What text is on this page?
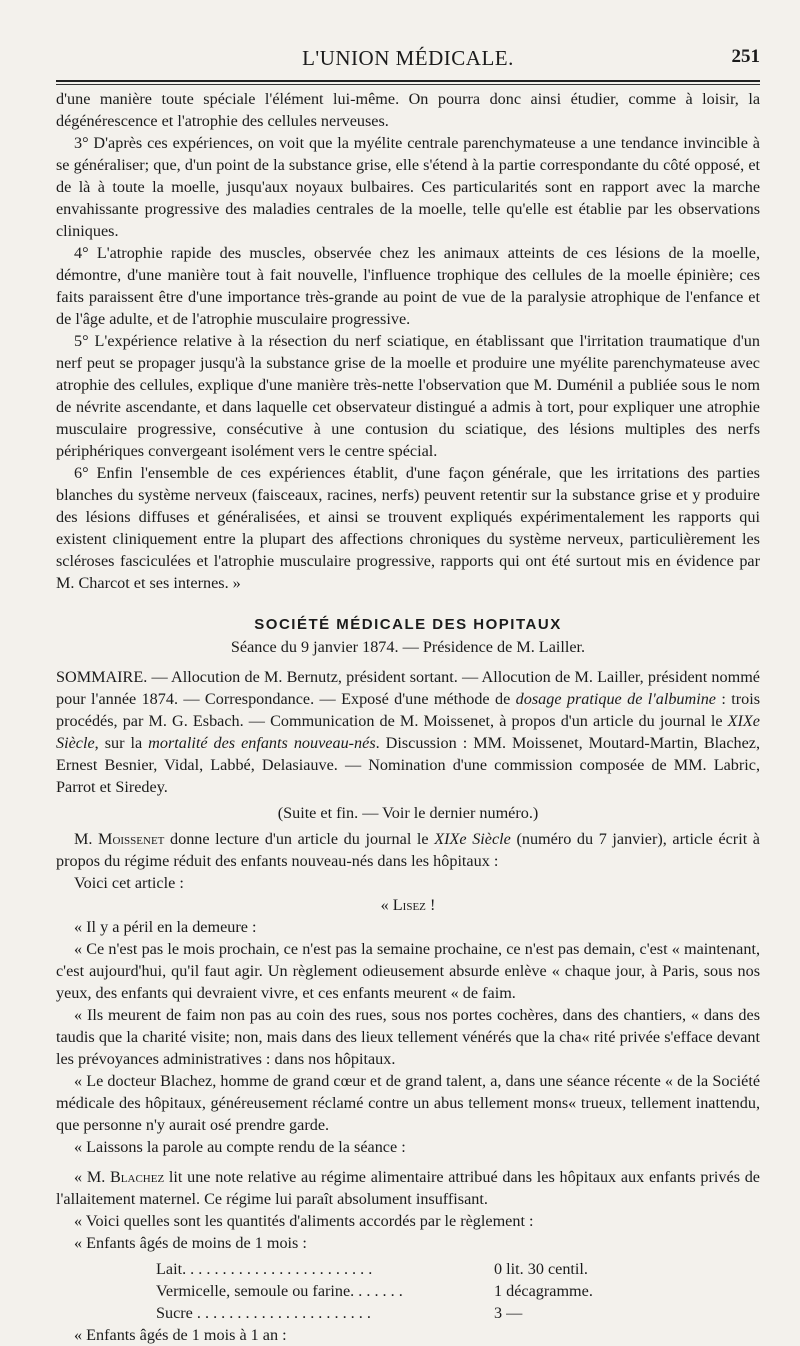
L'UNION MÉDICALE.	251

d'une manière toute spéciale l'élément lui-même. On pourra donc ainsi étudier, comme à loisir, la dégénérescence et l'atrophie des cellules nerveuses.

3° D'après ces expériences, on voit que la myélite centrale parenchymateuse a une tendance invincible à se généraliser; que, d'un point de la substance grise, elle s'étend à la partie correspondante du côté opposé, et de là à toute la moelle, jusqu'aux noyaux bulbaires. Ces particularités sont en rapport avec la marche envahissante progressive des maladies centrales de la moelle, telle qu'elle est établie par les observations cliniques.

4° L'atrophie rapide des muscles, observée chez les animaux atteints de ces lésions de la moelle, démontre, d'une manière tout à fait nouvelle, l'influence trophique des cellules de la moelle épinière; ces faits paraissent être d'une importance très-grande au point de vue de la paralysie atrophique de l'enfance et de l'âge adulte, et de l'atrophie musculaire progressive.

5° L'expérience relative à la résection du nerf sciatique, en établissant que l'irritation traumatique d'un nerf peut se propager jusqu'à la substance grise de la moelle et produire une myélite parenchymateuse avec atrophie des cellules, explique d'une manière très-nette l'observation que M. Duménil a publiée sous le nom de névrite ascendante, et dans laquelle cet observateur distingué a admis à tort, pour expliquer une atrophie musculaire progressive, consécutive à une contusion du sciatique, des lésions multiples des nerfs périphériques convergeant isolément vers le centre spécial.

6° Enfin l'ensemble de ces expériences établit, d'une façon générale, que les irritations des parties blanches du système nerveux (faisceaux, racines, nerfs) peuvent retentir sur la substance grise et y produire des lésions diffuses et généralisées, et ainsi se trouvent expliqués expérimentalement les rapports qui existent cliniquement entre la plupart des affections chroniques du système nerveux, particulièrement les scléroses fasciculées et l'atrophie musculaire progressive, rapports qui ont été surtout mis en évidence par M. Charcot et ses internes. »

SOCIÉTÉ MÉDICALE DES HOPITAUX

Séance du 9 janvier 1874. — Présidence de M. Lailler.

SOMMAIRE. — Allocution de M. Bernutz, président sortant. — Allocution de M. Lailler, président nommé pour l'année 1874. — Correspondance. — Exposé d'une méthode de dosage pratique de l'albumine : trois procédés, par M. G. Esbach. — Communication de M. Moissenet, à propos d'un article du journal le XIXe Siècle, sur la mortalité des enfants nouveau-nés. Discussion : MM. Moissenet, Moutard-Martin, Blachez, Ernest Besnier, Vidal, Labbé, Delasiauve. — Nomination d'une commission composée de MM. Labric, Parrot et Siredey.

(Suite et fin. — Voir le dernier numéro.)

M. Moissenet donne lecture d'un article du journal le XIXe Siècle (numéro du 7 janvier), article écrit à propos du régime réduit des enfants nouveau-nés dans les hôpitaux :

Voici cet article :

« Lisez !

« Il y a péril en la demeure :

« Ce n'est pas le mois prochain, ce n'est pas la semaine prochaine, ce n'est pas demain, c'est « maintenant, c'est aujourd'hui, qu'il faut agir. Un règlement odieusement absurde enlève « chaque jour, à Paris, sous nos yeux, des enfants qui devraient vivre, et ces enfants meurent « de faim.

« Ils meurent de faim non pas au coin des rues, sous nos portes cochères, dans des chantiers, « dans des taudis que la charité visite; non, mais dans des lieux tellement vénérés que la cha« rité privée s'efface devant les prévoyances administratives : dans nos hôpitaux.

« Le docteur Blachez, homme de grand cœur et de grand talent, a, dans une séance récente « de la Société médicale des hôpitaux, généreusement réclamé contre un abus tellement mons« trueux, tellement inattendu, que personne n'y aurait osé prendre garde.

« Laissons la parole au compte rendu de la séance :

« M. Blachez lit une note relative au régime alimentaire attribué dans les hôpitaux aux enfants privés de l'allaitement maternel. Ce régime lui paraît absolument insuffisant.

« Voici quelles sont les quantités d'aliments accordés par le règlement :

« Enfants âgés de moins de 1 mois :

Lait. . . . . . . . . . . . . . . . . . . . . . . .	0 lit. 30 centil.
Vermicelle, semoule ou farine. . . . . . .	1 décagramme.
Sucre . . . . . . . . . . . . . . . . . . . . . .	3 —

« Enfants âgés de 1 mois à 1 an :
